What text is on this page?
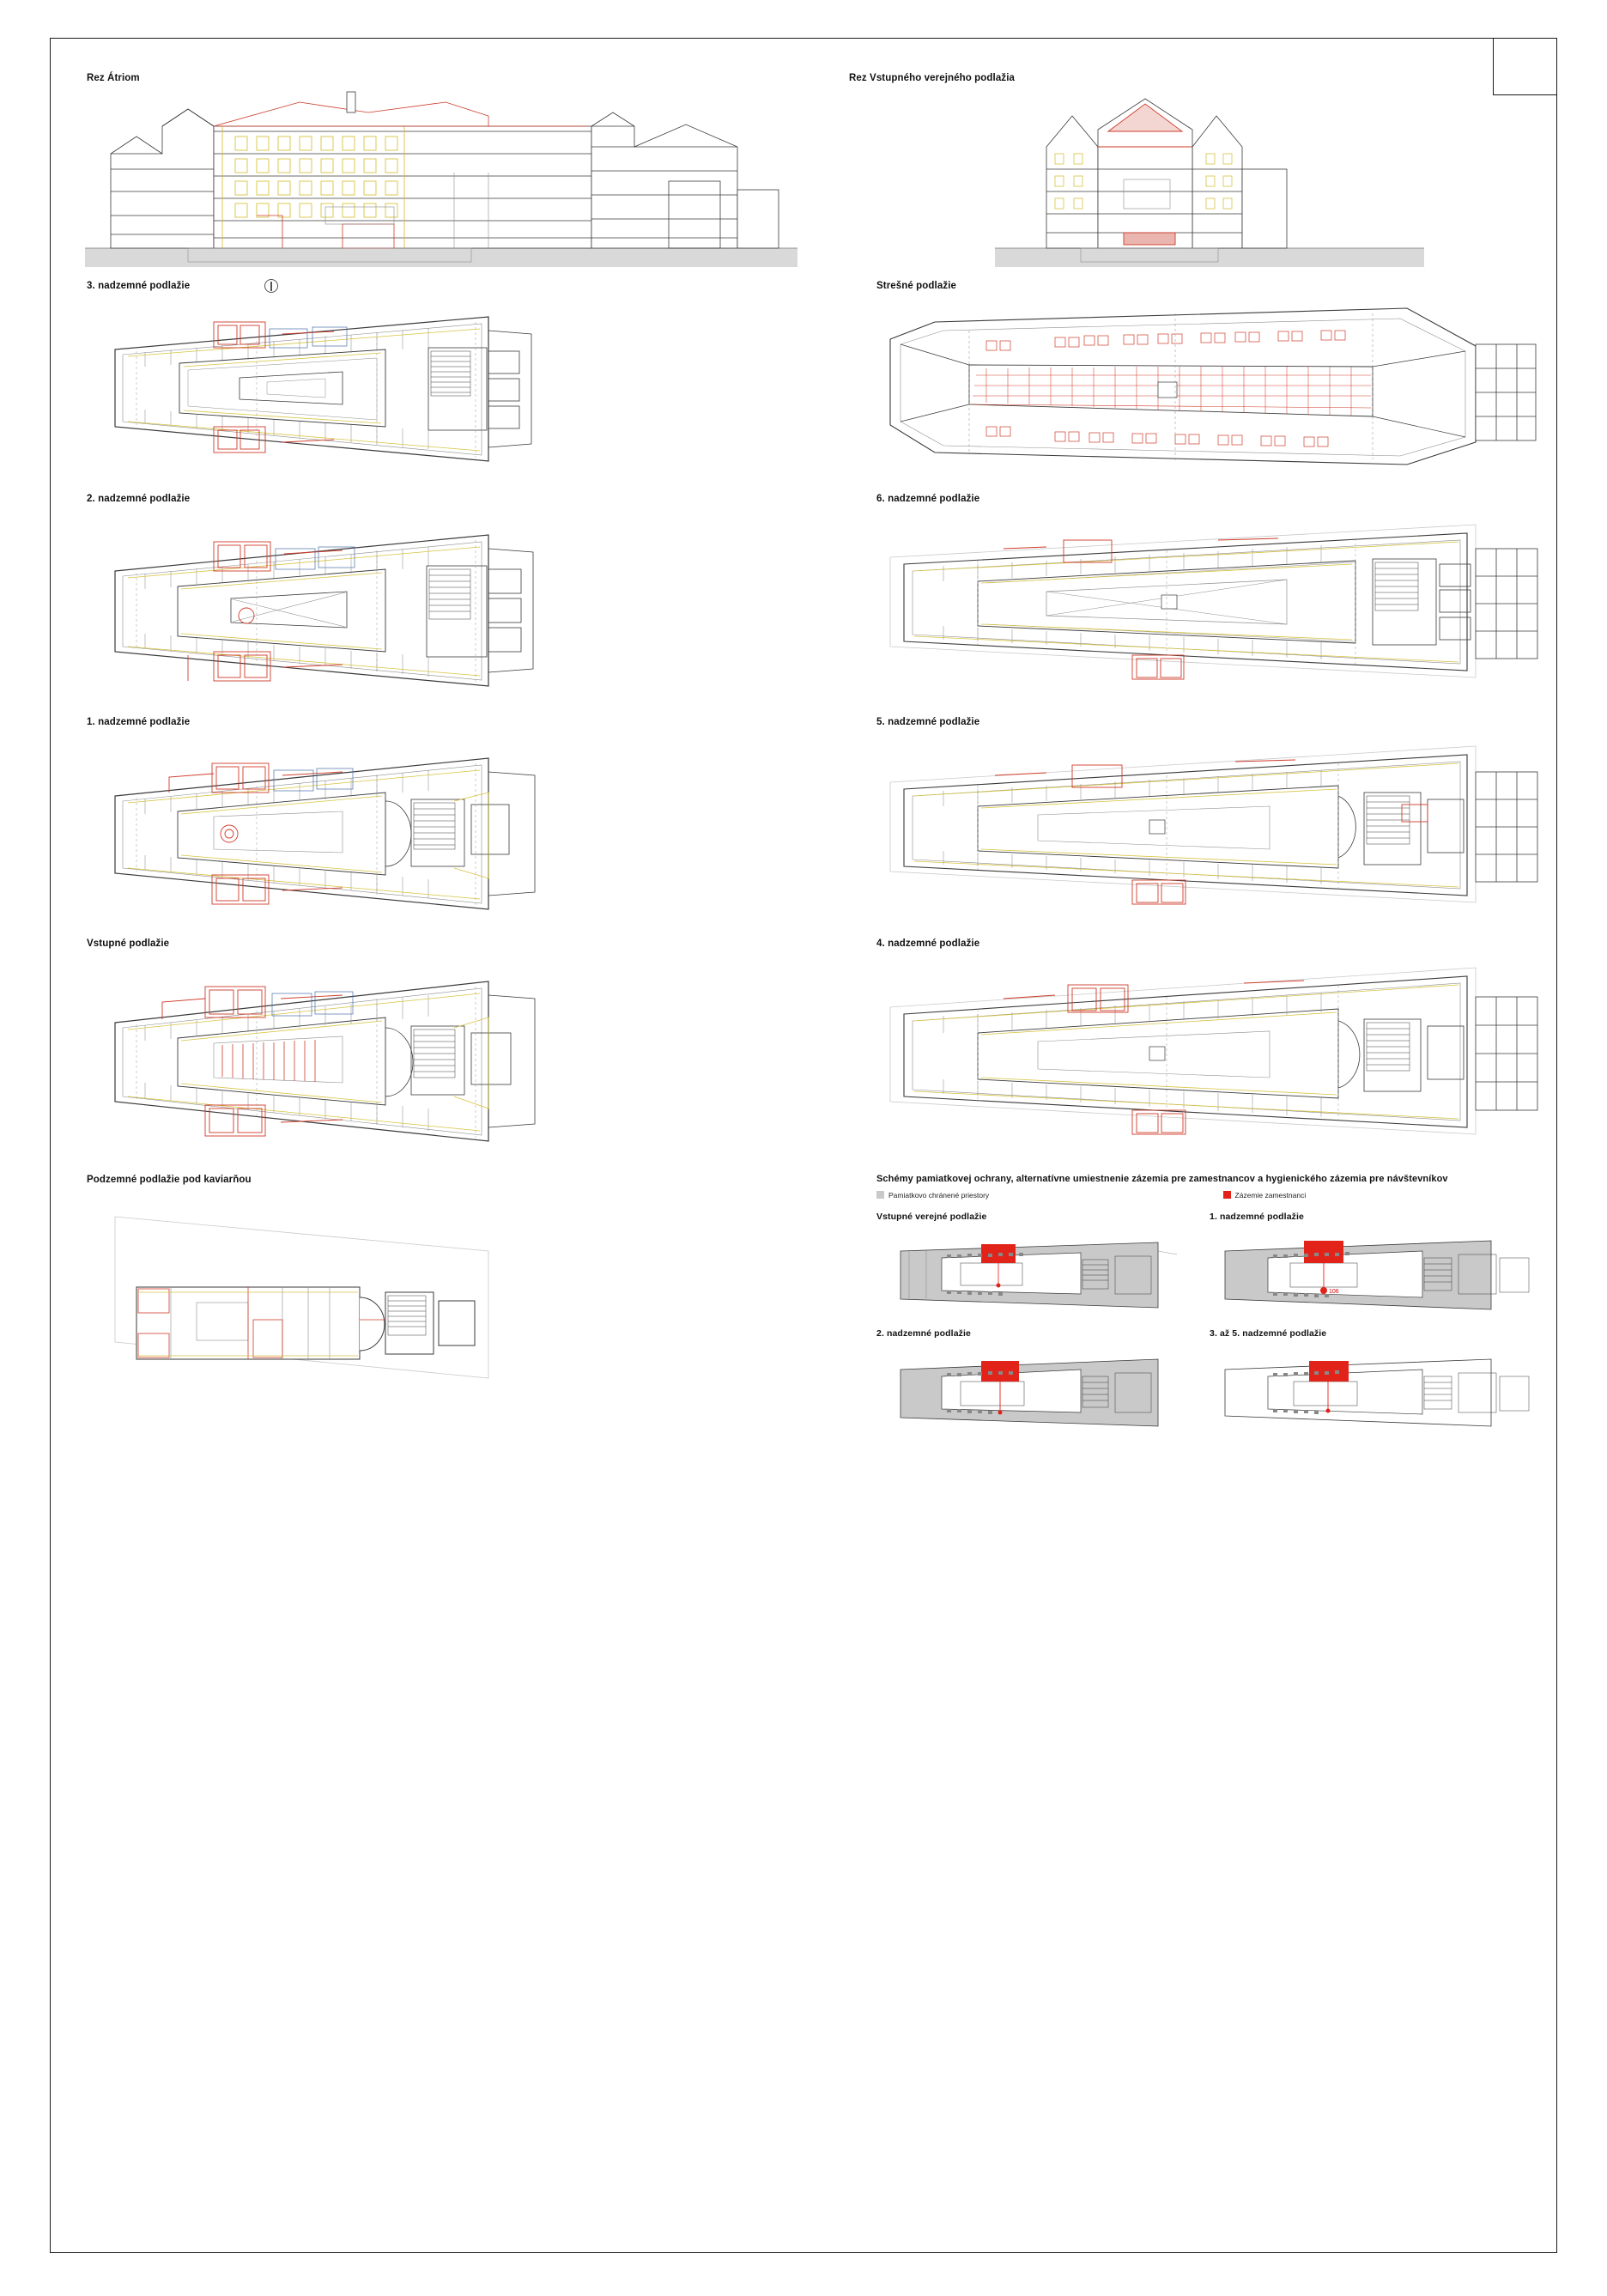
Rez Átriom	Rez Vstupného verejného podlažia
3. nadzemné podlažie
2. nadzemné podlažie
1. nadzemné podlažie
Vstupné podlažie
Podzemné podlažie pod kaviarňou
Strešné podlažie
6. nadzemné podlažie
5. nadzemné podlažie
4. nadzemné podlažie
Schémy pamiatkovej ochrany, alternatívne umiestnenie zázemia pre zamestnancov a hygienického zázemia pre návštevníkov
Pamiatkovo chránené priestory	Zázemie zamestnanci
Vstupné verejné podlažie	1. nadzemné podlažie
106
2. nadzemné podlažie	3. až 5. nadzemné podlažie
